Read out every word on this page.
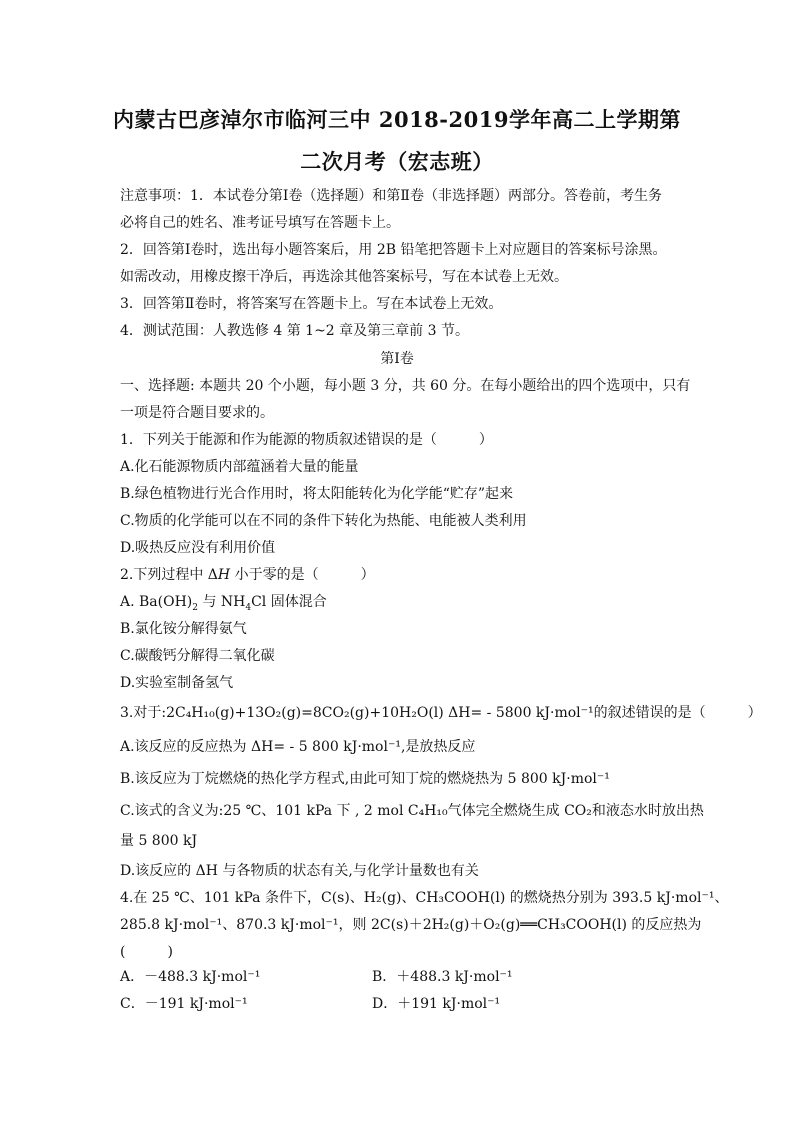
内蒙古巴彦淖尔市临河三中 2018-2019学年高二上学期第
二次月考（宏志班）
注意事项：1．本试卷分第Ⅰ卷（选择题）和第Ⅱ卷（非选择题）两部分。答卷前，考生务
必将自己的姓名、准考证号填写在答题卡上。
2．回答第Ⅰ卷时，选出每小题答案后，用 2B 铅笔把答题卡上对应题目的答案标号涂黑。
如需改动，用橡皮擦干净后，再选涂其他答案标号，写在本试卷上无效。
3．回答第Ⅱ卷时，将答案写在答题卡上。写在本试卷上无效。
4．测试范围：人教选修 4 第 1~2 章及第三章前 3 节。
第Ⅰ卷
一、选择题: 本题共 20 个小题，每小题 3 分，共 60 分。在每小题给出的四个选项中，只有
一项是符合题目要求的。
1．下列关于能源和作为能源的物质叙述错误的是（　　　）
A.化石能源物质内部蕴涵着大量的能量
B.绿色植物进行光合作用时，将太阳能转化为化学能“贮存”起来
C.物质的化学能可以在不同的条件下转化为热能、电能被人类利用
D.吸热反应没有利用价值
2.下列过程中 ΔH 小于零的是（　　　）
A. $Ba(OH)_2$ 与 $NH_4Cl$ 固体混合
B.氯化铵分解得氨气
C.碳酸钙分解得二氧化碳
D.实验室制备氢气
3.对于:2C₄H₁₀(g)+13O₂(g)=8CO₂(g)+10H₂O(l) ΔH= - 5800 kJ·mol⁻¹的叙述错误的是（　　　）
A.该反应的反应热为 ΔH= - 5 800 kJ·mol⁻¹,是放热反应
B.该反应为丁烷燃烧的热化学方程式,由此可知丁烷的燃烧热为 5 800 kJ·mol⁻¹
C.该式的含义为:25 ℃、101 kPa 下 , 2 mol C₄H₁₀气体完全燃烧生成 CO₂和液态水时放出热
量 5 800 kJ
D.该反应的 ΔH 与各物质的状态有关,与化学计量数也有关
4.在 25 ℃、101 kPa 条件下，C(s)、H₂(g)、CH₃COOH(l) 的燃烧热分别为 393.5 kJ·mol⁻¹、
285.8 kJ·mol⁻¹、870.3 kJ·mol⁻¹，则 2C(s)＋2H₂(g)＋O₂(g)══CH₃COOH(l) 的反应热为
(　　　)
A．－488.3 kJ·mol⁻¹	B．＋488.3 kJ·mol⁻¹
C．－191 kJ·mol⁻¹	D．＋191 kJ·mol⁻¹
